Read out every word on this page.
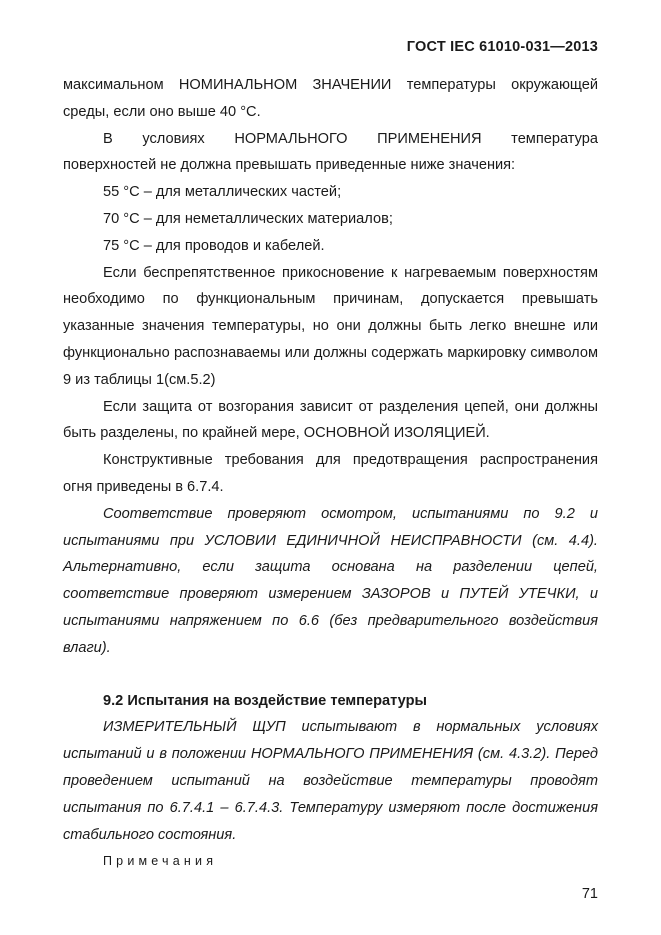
ГОСТ IEC 61010-031—2013

максимальном НОМИНАЛЬНОМ ЗНАЧЕНИИ температуры окружающей среды, если оно выше 40 °С.

В условиях НОРМАЛЬНОГО ПРИМЕНЕНИЯ температура

поверхностей не должна превышать приведенные ниже значения:

55 °С – для металлических частей;

70 °С – для неметаллических материалов;

75 °С – для проводов и кабелей.

Если беспрепятственное прикосновение к нагреваемым поверхностям необходимо по функциональным причинам, допускается превышать указанные значения температуры, но они должны быть легко внешне или функционально распознаваемы или должны содержать маркировку символом 9 из таблицы 1(см.5.2)

Если защита от возгорания зависит от разделения цепей, они должны быть разделены, по крайней мере, ОСНОВНОЙ ИЗОЛЯЦИЕЙ.

Конструктивные требования для предотвращения распространения огня приведены в 6.7.4.

Соответствие проверяют осмотром, испытаниями по 9.2 и испытаниями при УСЛОВИИ ЕДИНИЧНОЙ НЕИСПРАВНОСТИ (см. 4.4). Альтернативно, если защита основана на разделении цепей, соответствие проверяют измерением ЗАЗОРОВ и ПУТЕЙ УТЕЧКИ, и испытаниями напряжением по 6.6 (без предварительного воздействия влаги).

9.2 Испытания на воздействие температуры

ИЗМЕРИТЕЛЬНЫЙ ЩУП испытывают в нормальных условиях испытаний и в положении НОРМАЛЬНОГО ПРИМЕНЕНИЯ (см. 4.3.2). Перед проведением испытаний на воздействие температуры проводят испытания по 6.7.4.1 – 6.7.4.3. Температуру измеряют после достижения стабильного состояния.

Примечания

71
